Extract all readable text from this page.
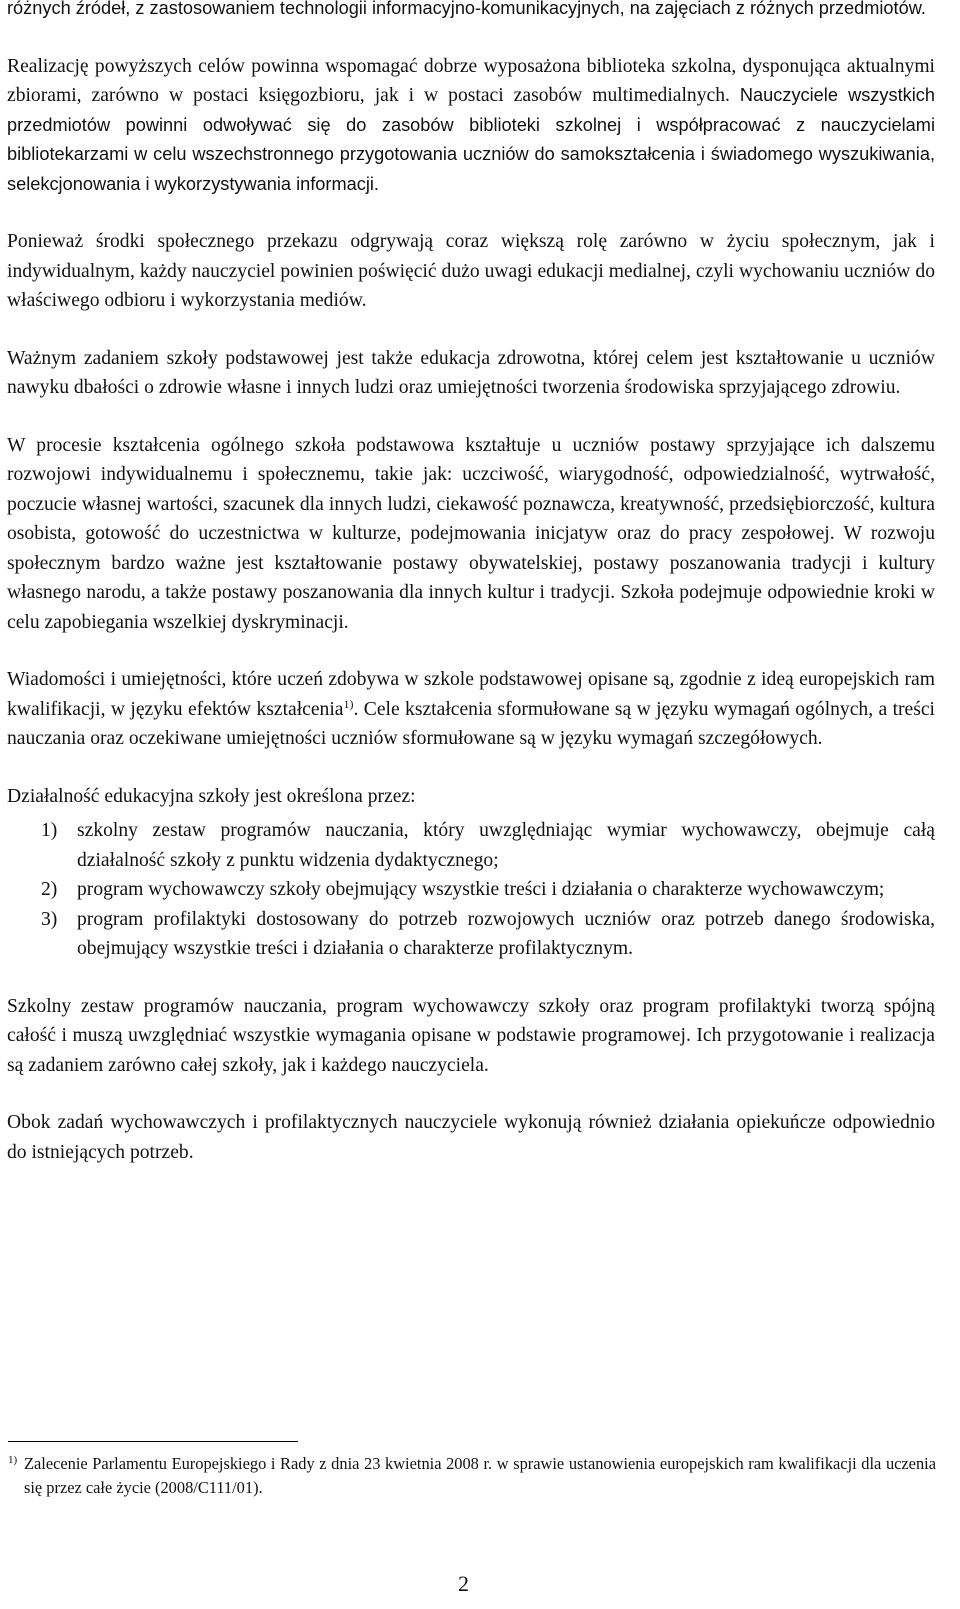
różnych źródeł, z zastosowaniem technologii informacyjno-komunikacyjnych, na zajęciach z różnych przedmiotów.

Realizację powyższych celów powinna wspomagać dobrze wyposażona biblioteka szkolna, dysponująca aktualnymi zbiorami, zarówno w postaci księgozbioru, jak i w postaci zasobów multimedialnych. Nauczyciele wszystkich przedmiotów powinni odwoływać się do zasobów biblioteki szkolnej i współpracować z nauczycielami bibliotekarzami w celu wszechstronnego przygotowania uczniów do samokształcenia i świadomego wyszukiwania, selekcjonowania i wykorzystywania informacji.

Ponieważ środki społecznego przekazu odgrywają coraz większą rolę zarówno w życiu społecznym, jak i indywidualnym, każdy nauczyciel powinien poświęcić dużo uwagi edukacji medialnej, czyli wychowaniu uczniów do właściwego odbioru i wykorzystania mediów.

Ważnym zadaniem szkoły podstawowej jest także edukacja zdrowotna, której celem jest kształtowanie u uczniów nawyku dbałości o zdrowie własne i innych ludzi oraz umiejętności tworzenia środowiska sprzyjającego zdrowiu.

W procesie kształcenia ogólnego szkoła podstawowa kształtuje u uczniów postawy sprzyjające ich dalszemu rozwojowi indywidualnemu i społecznemu, takie jak: uczciwość, wiarygodność, odpowiedzialność, wytrwałość, poczucie własnej wartości, szacunek dla innych ludzi, ciekawość poznawcza, kreatywność, przedsiębiorczość, kultura osobista, gotowość do uczestnictwa w kulturze, podejmowania inicjatyw oraz do pracy zespołowej. W rozwoju społecznym bardzo ważne jest kształtowanie postawy obywatelskiej, postawy poszanowania tradycji i kultury własnego narodu, a także postawy poszanowania dla innych kultur i tradycji. Szkoła podejmuje odpowiednie kroki w celu zapobiegania wszelkiej dyskryminacji.

Wiadomości i umiejętności, które uczeń zdobywa w szkole podstawowej opisane są, zgodnie z ideą europejskich ram kwalifikacji, w języku efektów kształcenia$^{1)}$. Cele kształcenia sformułowane są w języku wymagań ogólnych, a treści nauczania oraz oczekiwane umiejętności uczniów sformułowane są w języku wymagań szczegółowych.

Działalność edukacyjna szkoły jest określona przez:

1) szkolny zestaw programów nauczania, który uwzględniając wymiar wychowawczy, obejmuje całą działalność szkoły z punktu widzenia dydaktycznego;
2) program wychowawczy szkoły obejmujący wszystkie treści i działania o charakterze wychowawczym;
3) program profilaktyki dostosowany do potrzeb rozwojowych uczniów oraz potrzeb danego środowiska, obejmujący wszystkie treści i działania o charakterze profilaktycznym.

Szkolny zestaw programów nauczania, program wychowawczy szkoły oraz program profilaktyki tworzą spójną całość i muszą uwzględniać wszystkie wymagania opisane w podstawie programowej. Ich przygotowanie i realizacja są zadaniem zarówno całej szkoły, jak i każdego nauczyciela.

Obok zadań wychowawczych i profilaktycznych nauczyciele wykonują również działania opiekuńcze odpowiednio do istniejących potrzeb.

1) Zalecenie Parlamentu Europejskiego i Rady z dnia 23 kwietnia 2008 r. w sprawie ustanowienia europejskich ram kwalifikacji dla uczenia się przez całe życie (2008/C111/01).
2
